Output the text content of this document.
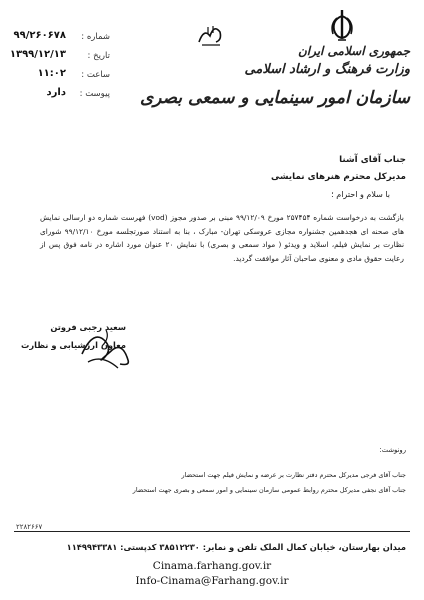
جمهوری اسلامی ایران
وزارت فرهنگ و ارشاد اسلامی
سازمان امور سینمایی و سمعی بصری
شماره :
۹۹/۲۶۰۶۷۸
تاریخ :
۱۳۹۹/۱۲/۱۳
ساعت :
۱۱:۰۲
پیوست :
دارد
جناب آقای آشنا
مدیرکل محترم هنرهای نمایشی
با سلام و احترام ؛
بازگشت به درخواست شماره ۲۵۷۴۵۴ مورخ ۹۹/۱۲/۰۹ مبنی بر صدور مجوز (vod) فهرست شماره دو ارسالی نمایش های صحنه ای هجدهمین جشنواره مجازی عروسکی تهران- مبارک ، بنا به استناد صورتجلسه مورخ ۹۹/۱۲/۱۰ شورای نظارت بر نمایش فیلم، اسلاید و ویدئو ( مواد سمعی و بصری) با نمایش ۲۰ عنوان مورد اشاره در نامه فوق پس از رعایت حقوق مادی و معنوی صاحبان آثار موافقت گردید.
سعید رجبی فروتن
معاون ارزشیابی و نظارت
رونوشت:
جناب آقای فرجی مدیرکل محترم دفتر نظارت بر عرضه و نمایش فیلم جهت استحضار
جناب آقای نجفی مدیرکل محترم روابط عمومی سازمان سینمایی و امور سمعی و بصری جهت استحضار
۲۲۸۲۶۶۷
میدان بهارستان، خیابان کمال الملک تلفن و نمابر: ۳۸۵۱۲۲۳۰ کدپستی: ۱۱۴۹۹۴۳۳۸۱
Cinama.farhang.gov.ir
Info-Cinama@Farhang.gov.ir
